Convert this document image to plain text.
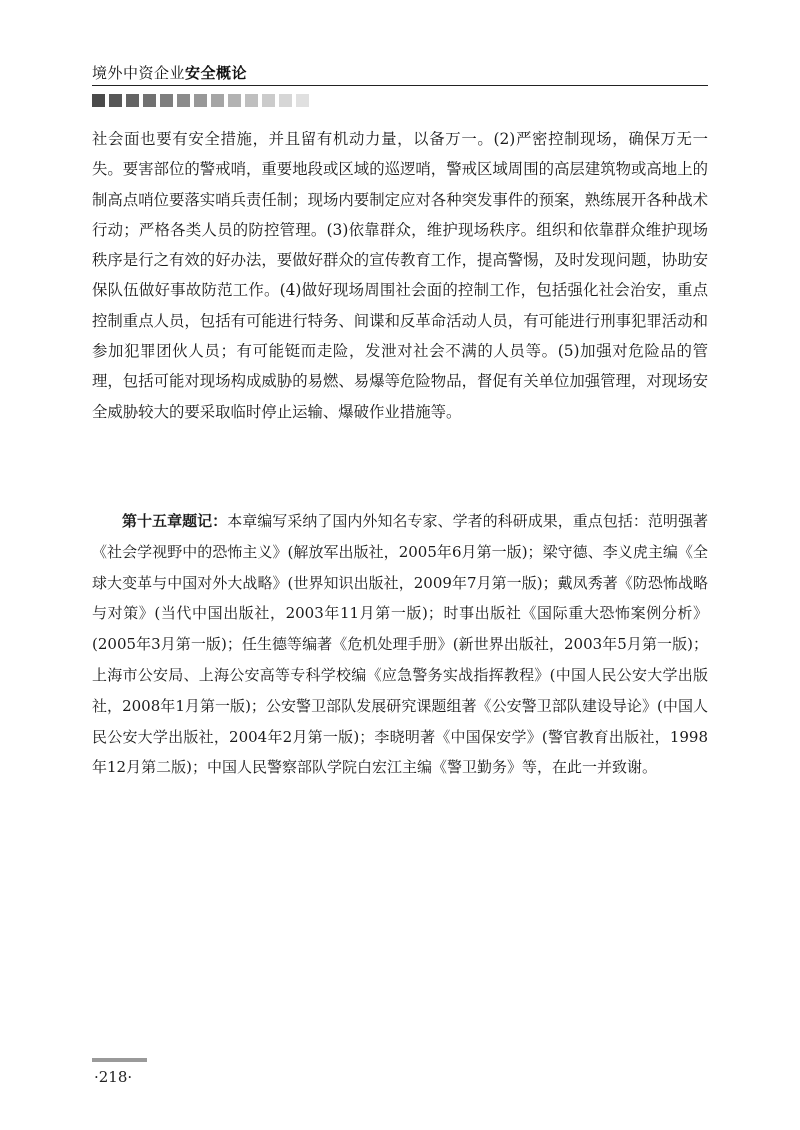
境外中资企业安全概论

社会面也要有安全措施，并且留有机动力量，以备万一。(2)严密控制现场，确保万无一失。要害部位的警戒哨，重要地段或区域的巡逻哨，警戒区域周围的高层建筑物或高地上的制高点哨位要落实哨兵责任制；现场内要制定应对各种突发事件的预案，熟练展开各种战术行动；严格各类人员的防控管理。(3)依靠群众，维护现场秩序。组织和依靠群众维护现场秩序是行之有效的好办法，要做好群众的宣传教育工作，提高警惕，及时发现问题，协助安保队伍做好事故防范工作。(4)做好现场周围社会面的控制工作，包括强化社会治安，重点控制重点人员，包括有可能进行特务、间谍和反革命活动人员，有可能进行刑事犯罪活动和参加犯罪团伙人员；有可能铤而走险，发泄对社会不满的人员等。(5)加强对危险品的管理，包括可能对现场构成威胁的易燃、易爆等危险物品，督促有关单位加强管理，对现场安全威胁较大的要采取临时停止运输、爆破作业措施等。

第十五章题记：本章编写采纳了国内外知名专家、学者的科研成果，重点包括：范明强著《社会学视野中的恐怖主义》(解放军出版社，2005年6月第一版)；梁守德、李义虎主编《全球大变革与中国对外大战略》(世界知识出版社，2009年7月第一版)；戴凤秀著《防恐怖战略与对策》(当代中国出版社，2003年11月第一版)；时事出版社《国际重大恐怖案例分析》(2005年3月第一版)；任生德等编著《危机处理手册》(新世界出版社，2003年5月第一版)；上海市公安局、上海公安高等专科学校编《应急警务实战指挥教程》(中国人民公安大学出版社，2008年1月第一版)；公安警卫部队发展研究课题组著《公安警卫部队建设导论》(中国人民公安大学出版社，2004年2月第一版)；李晓明著《中国保安学》(警官教育出版社，1998年12月第二版)；中国人民警察部队学院白宏江主编《警卫勤务》等，在此一并致谢。

·218·
